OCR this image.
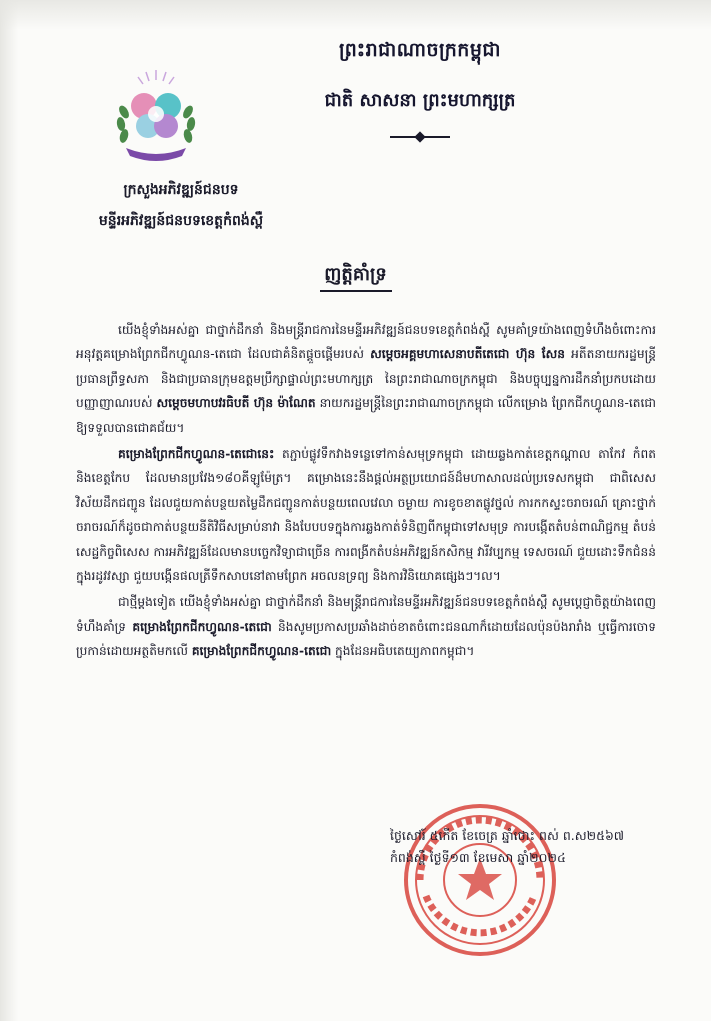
ព្រះរាជាណាចក្រកម្ពុជា
ជាតិ សាសនា ព្រះមហាក្សត្រ
ក្រសួងអភិវឌ្ឍន៍ជនបទ
មន្ទីរអភិវឌ្ឍន៍ជនបទខេត្តកំពង់ស្ពឺ
ញត្តិគាំទ្រ

យើងខ្ញុំទាំងអស់គ្នា ជាថ្នាក់ដឹកនាំ និងមន្ត្រីរាជការនៃមន្ទីរអភិវឌ្ឍន៍ជនបទខេត្តកំពង់ស្ពឺ សូមគាំទ្រយ៉ាងពេញទំហឹងចំពោះការអនុវត្តគម្រោងព្រែកជីកហ្វូណន-តេជោ ដែលជាគំនិតផ្តួចផ្តើមរបស់ សម្តេចអគ្គមហាសេនាបតីតេជោ ហ៊ុន សែន អតីតនាយករដ្ឋមន្ត្រី ប្រធានព្រឹទ្ធសភា និងជាប្រធានក្រុមឧត្តមប្រឹក្សាផ្ទាល់ព្រះមហាក្សត្រ នៃព្រះរាជាណាចក្រកម្ពុជា និងបច្ចុប្បន្នការដឹកនាំប្រកបដោយបញ្ញាញាណរបស់ សម្តេចមហាបវរធិបតី ហ៊ុន ម៉ាណែត នាយករដ្ឋមន្ត្រីនៃព្រះរាជាណាចក្រកម្ពុជា លើកម្រោង ព្រែកជីកហ្វូណន-តេជោ ឱ្យទទួលបានជោគជ័យ។

គម្រោងព្រែកជីកហ្វូណន-តេជោនេះ តភ្ជាប់ផ្លូវទឹកវាងទន្លេទៅកាន់សមុទ្រកម្ពុជា ដោយឆ្លងកាត់ខេត្តកណ្តាល តាកែវ កំពត និងខេត្តកែប ដែលមានប្រវែង១៨០គីឡូម៉ែត្រ។ គម្រោងនេះនឹងផ្តល់អត្ថប្រយោជន៍ដ៏មហាសាលដល់ប្រទេសកម្ពុជា ជាពិសេសវិស័យដឹកជញ្ជូន ដែលជួយកាត់បន្ថយតម្លៃដឹកជញ្ជូនកាត់បន្ថយពេលវេលា ចម្ងាយ ការខូចខាតផ្លូវថ្នល់ ការកកស្ទះចរាចរណ៍ គ្រោះថ្នាក់ចរាចរណ៍ក៏ដូចជាកាត់បន្ថយនីតិវិធីសម្រាប់នាវា និងបែបបទក្នុងការឆ្លងកាត់ទំនិញពីកម្ពុជាទៅសមុទ្រ ការបង្កើតតំបន់ពាណិជ្ជកម្ម តំបន់សេដ្ឋកិច្ចពិសេស ការអភិវឌ្ឍន៍ដែលមានបច្ចេកវិទ្យាជាច្រើន ការពង្រីកតំបន់អភិវឌ្ឍន៍កសិកម្ម វារីវប្បកម្ម ទេសចរណ៍ ជួយដោះទឹកជំនន់ក្នុងរដូវវស្សា ជួយបង្កើនផលត្រីទឹកសាបនៅតាមព្រែក អចលនទ្រព្យ និងការវិនិយោគផ្សេងៗ។ល។

ជាថ្មីម្តងទៀត យើងខ្ញុំទាំងអស់គ្នា ជាថ្នាក់ដឹកនាំ និងមន្ត្រីរាជការនៃមន្ទីរអភិវឌ្ឍន៍ជនបទខេត្តកំពង់ស្ពឺ សូមប្តេជ្ញាចិត្តយ៉ាងពេញទំហឹងគាំទ្រ គម្រោងព្រែកជីកហ្វូណន-តេជោ និងសូមប្រកាសប្រឆាំងដាច់ខាតចំពោះជនណាក៏ដោយដែលប៉ុនប៉ងរារាំង ឬធ្វើការចោទប្រកាន់ដោយអត្ថតិមកលើ គម្រោងព្រែកជីកហ្វូណន-តេជោ ក្នុងដែនអធិបតេយ្យភាពកម្ពុជា។

ថ្ងៃសៅរ៍ ៥កើត ខែចេត្រ ឆ្នាំថោះ ពស់ ព.ស២៥៦៧
កំពង់ស្ពឺ ថ្ងៃទី១៣ ខែមេសា ឆ្នាំ២០២៤
